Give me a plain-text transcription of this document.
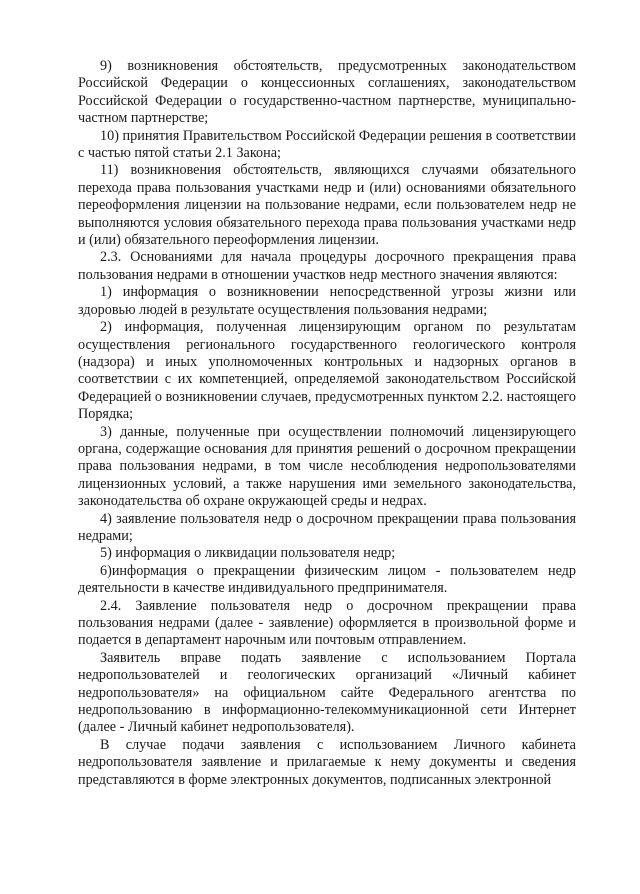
9) возникновения обстоятельств, предусмотренных законодательством Российской Федерации о концессионных соглашениях, законодательством Российской Федерации о государственно-частном партнерстве, муниципально-частном партнерстве;

10) принятия Правительством Российской Федерации решения в соответствии с частью пятой статьи 2.1 Закона;

11) возникновения обстоятельств, являющихся случаями обязательного перехода права пользования участками недр и (или) основаниями обязательного переоформления лицензии на пользование недрами, если пользователем недр не выполняются условия обязательного перехода права пользования участками недр и (или) обязательного переоформления лицензии.

2.3. Основаниями для начала процедуры досрочного прекращения права пользования недрами в отношении участков недр местного значения являются:

1) информация о возникновении непосредственной угрозы жизни или здоровью людей в результате осуществления пользования недрами;

2) информация, полученная лицензирующим органом по результатам осуществления регионального государственного геологического контроля (надзора) и иных уполномоченных контрольных и надзорных органов в соответствии с их компетенцией, определяемой законодательством Российской Федерацией о возникновении случаев, предусмотренных пунктом 2.2. настоящего Порядка;

3) данные, полученные при осуществлении полномочий лицензирующего органа, содержащие основания для принятия решений о досрочном прекращении права пользования недрами, в том числе несоблюдения недропользователями лицензионных условий, а также нарушения ими земельного законодательства, законодательства об охране окружающей среды и недрах.

4) заявление пользователя недр о досрочном прекращении права пользования недрами;

5) информация о ликвидации пользователя недр;

6)информация о прекращении физическим лицом - пользователем недр деятельности в качестве индивидуального предпринимателя.

2.4. Заявление пользователя недр о досрочном прекращении права пользования недрами (далее - заявление) оформляется в произвольной форме и подается в департамент нарочным или почтовым отправлением.

Заявитель вправе подать заявление с использованием Портала недропользователей и геологических организаций «Личный кабинет недропользователя» на официальном сайте Федерального агентства по недропользованию в информационно-телекоммуникационной сети Интернет (далее - Личный кабинет недропользователя).

В случае подачи заявления с использованием Личного кабинета недропользователя заявление и прилагаемые к нему документы и сведения представляются в форме электронных документов, подписанных электронной
